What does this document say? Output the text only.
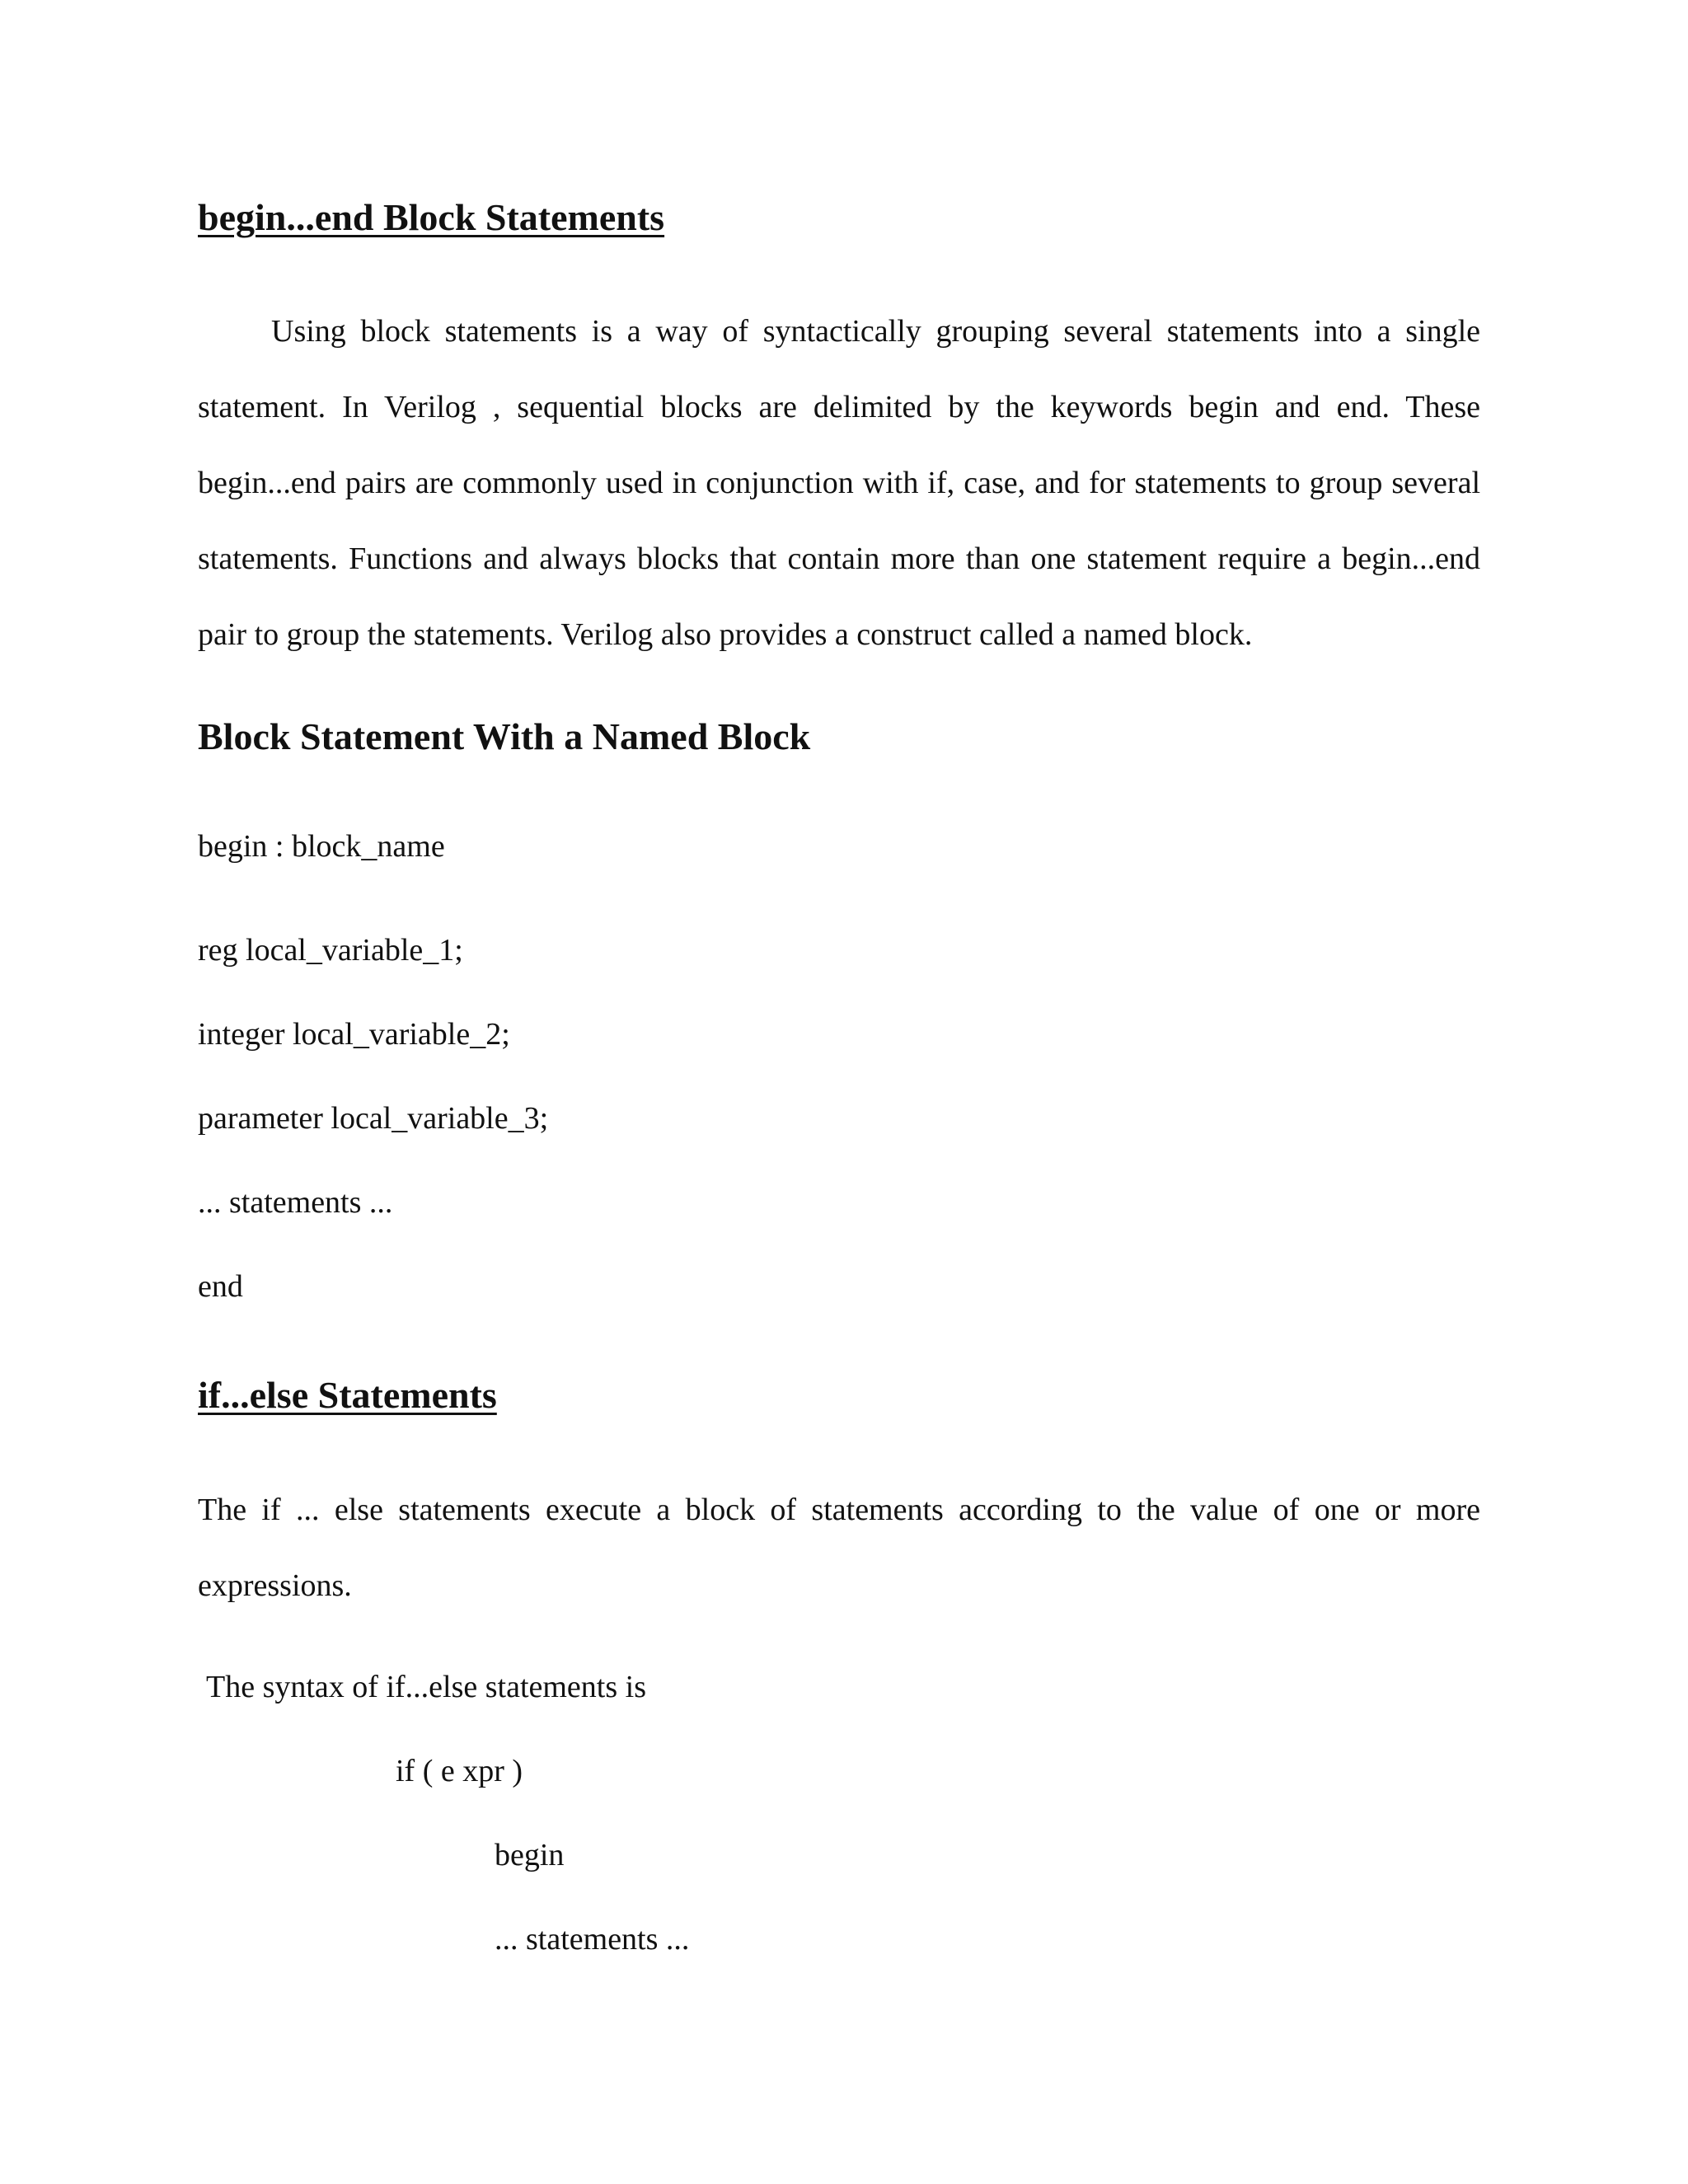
begin...end Block Statements

Using block statements is a way of syntactically grouping several statements into a single statement. In Verilog , sequential blocks are delimited by the keywords begin and end. These begin...end pairs are commonly used in conjunction with if, case, and for statements to group several statements. Functions and always blocks that contain more than one statement require a begin...end pair to group the statements. Verilog also provides a construct called a named block.

Block Statement With a Named Block
begin : block_name
reg local_variable_1;
integer local_variable_2;
parameter local_variable_3;
... statements ...
end
if...else Statements

The if ... else statements execute a block of statements according to the value of one or more expressions.

The syntax of if...else statements is
if ( e xpr )
begin
... statements ...
